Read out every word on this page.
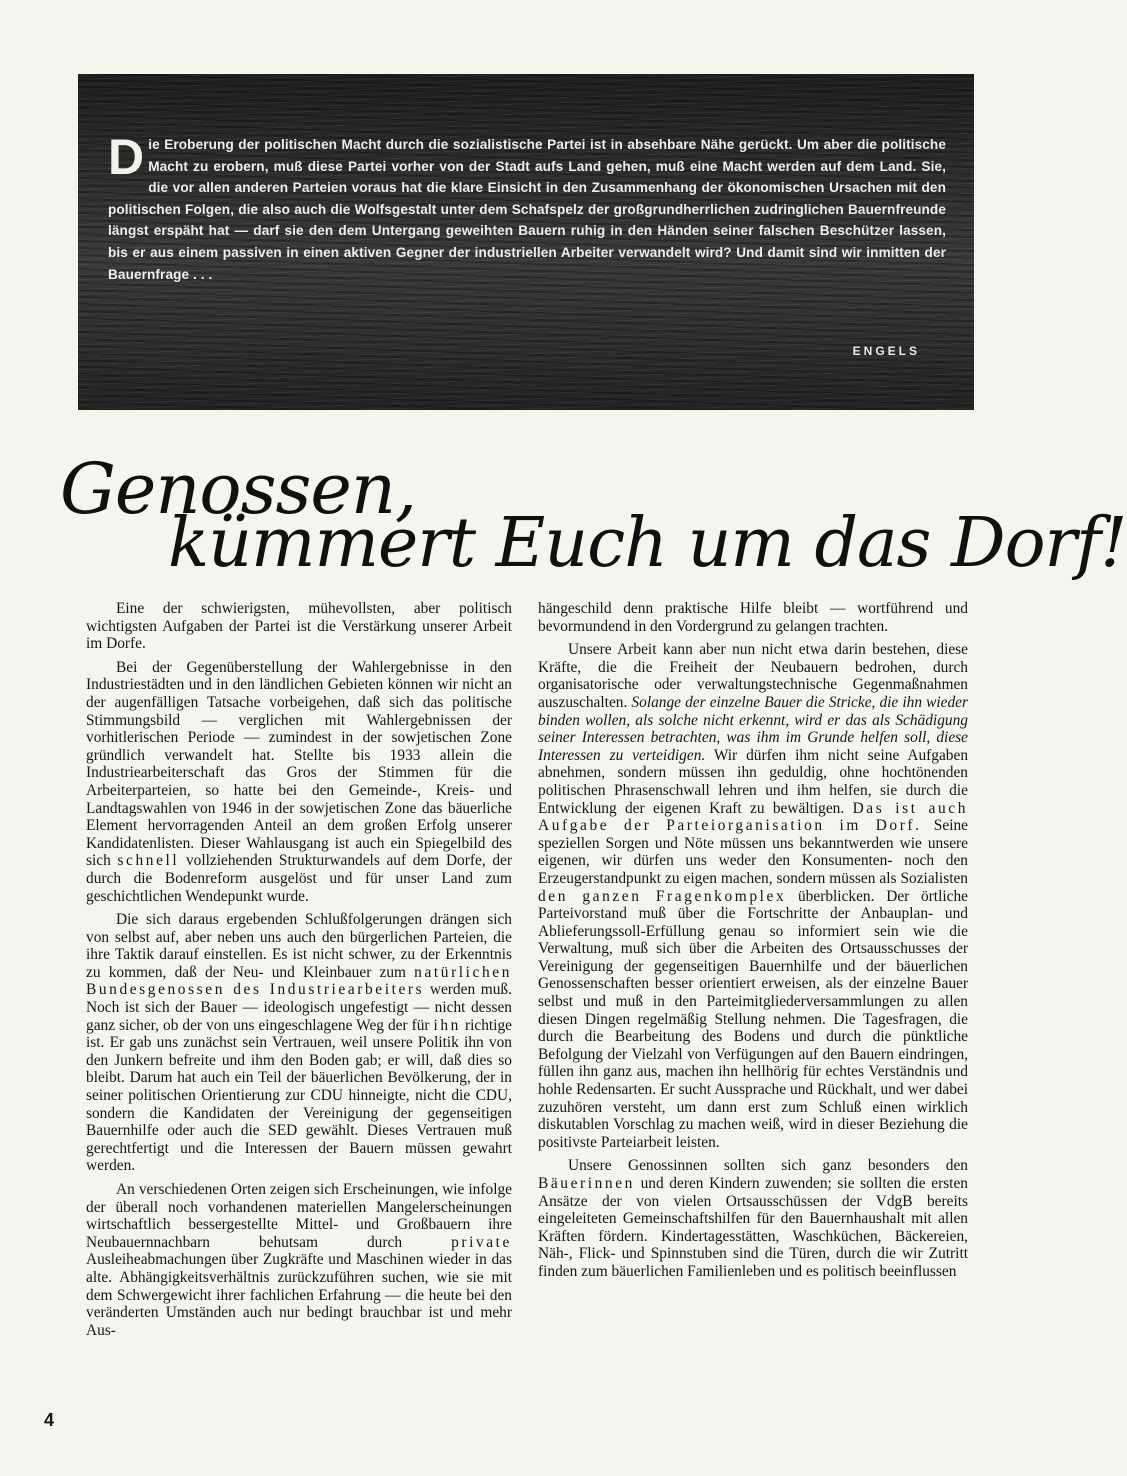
Die Eroberung der politischen Macht durch die sozialistische Partei ist in absehbare Nähe gerückt. Um aber die politische Macht zu erobern, muß diese Partei vorher von der Stadt aufs Land gehen, muß eine Macht werden auf dem Land. Sie, die vor allen anderen Parteien voraus hat die klare Einsicht in den Zusammenhang der ökonomischen Ursachen mit den politischen Folgen, die also auch die Wolfsgestalt unter dem Schafspelz der großgrundherrlichen zudringlichen Bauernfreunde längst erspäht hat — darf sie den dem Untergang geweihten Bauern ruhig in den Händen seiner falschen Beschützer lassen, bis er aus einem passiven in einen aktiven Gegner der industriellen Arbeiter verwandelt wird? Und damit sind wir inmitten der Bauernfrage . . .
ENGELS
Genossen,
kümmert Euch um das Dorf!

Eine der schwierigsten, mühevollsten, aber politisch wichtigsten Aufgaben der Partei ist die Verstärkung unserer Arbeit im Dorfe.

Bei der Gegenüberstellung der Wahlergebnisse in den Industriestädten und in den ländlichen Gebieten können wir nicht an der augenfälligen Tatsache vorbeigehen, daß sich das politische Stimmungsbild — verglichen mit Wahlergebnissen der vorhitlerischen Periode — zumindest in der sowjetischen Zone gründlich verwandelt hat. Stellte bis 1933 allein die Industriearbeiterschaft das Gros der Stimmen für die Arbeiterparteien, so hatte bei den Gemeinde-, Kreis- und Landtagswahlen von 1946 in der sowjetischen Zone das bäuerliche Element hervorragenden Anteil an dem großen Erfolg unserer Kandidatenlisten. Dieser Wahlausgang ist auch ein Spiegelbild des sich schnell vollziehenden Strukturwandels auf dem Dorfe, der durch die Bodenreform ausgelöst und für unser Land zum geschichtlichen Wendepunkt wurde.

Die sich daraus ergebenden Schlußfolgerungen drängen sich von selbst auf, aber neben uns auch den bürgerlichen Parteien, die ihre Taktik darauf einstellen. Es ist nicht schwer, zu der Erkenntnis zu kommen, daß der Neu- und Kleinbauer zum natürlichen Bundesgenossen des Industriearbeiters werden muß. Noch ist sich der Bauer — ideologisch ungefestigt — nicht dessen ganz sicher, ob der von uns eingeschlagene Weg der für ihn richtige ist. Er gab uns zunächst sein Vertrauen, weil unsere Politik ihn von den Junkern befreite und ihm den Boden gab; er will, daß dies so bleibt. Darum hat auch ein Teil der bäuerlichen Bevölkerung, der in seiner politischen Orientierung zur CDU hinneigte, nicht die CDU, sondern die Kandidaten der Vereinigung der gegenseitigen Bauernhilfe oder auch die SED gewählt. Dieses Vertrauen muß gerechtfertigt und die Interessen der Bauern müssen gewahrt werden.

An verschiedenen Orten zeigen sich Erscheinungen, wie infolge der überall noch vorhandenen materiellen Mangelerscheinungen wirtschaftlich bessergestellte Mittel- und Großbauern ihre Neubauernnachbarn behutsam durch	private Ausleiheabmachungen über Zugkräfte und Maschinen wieder in das alte. Abhängigkeitsverhältnis zurückzuführen suchen, wie sie mit dem Schwergewicht ihrer fachlichen Erfahrung — die heute bei den veränderten Umständen auch nur bedingt brauchbar ist und mehr Aus-

hängeschild denn praktische Hilfe bleibt — wortführend und bevormundend in den Vordergrund zu gelangen trachten.

Unsere Arbeit kann aber nun nicht etwa darin bestehen, diese Kräfte, die die Freiheit der Neubauern bedrohen, durch organisatorische oder verwaltungstechnische Gegenmaßnahmen auszuschalten. Solange der einzelne Bauer die Stricke, die ihn wieder binden wollen, als solche nicht erkennt, wird er das als Schädigung seiner Interessen betrachten, was ihm im Grunde helfen soll, diese Interessen zu verteidigen. Wir dürfen ihm nicht seine Aufgaben abnehmen, sondern müssen ihn geduldig, ohne hochtönenden politischen Phrasenschwall lehren und ihm helfen, sie durch die Entwicklung der eigenen Kraft zu bewältigen. Das ist auch Aufgabe der Parteiorganisation im Dorf. Seine speziellen Sorgen und Nöte müssen uns bekanntwerden wie unsere eigenen, wir dürfen uns weder den Konsumenten- noch den Erzeugerstandpunkt zu eigen machen, sondern müssen als Sozialisten den ganzen Fragenkomplex überblicken. Der örtliche Parteivorstand muß über die Fortschritte der Anbauplan- und Ablieferungssoll-Erfüllung genau so informiert sein wie die Verwaltung, muß sich über die Arbeiten des Ortsausschusses der Vereinigung der gegenseitigen Bauernhilfe und der bäuerlichen Genossenschaften besser orientiert erweisen, als der einzelne Bauer selbst und muß in den Parteimitgliederversammlungen zu allen diesen Dingen regelmäßig Stellung nehmen. Die Tagesfragen, die durch die Bearbeitung des Bodens und durch die pünktliche Befolgung der Vielzahl von Verfügungen auf den Bauern eindringen, füllen ihn ganz aus, machen ihn hellhörig für echtes Verständnis und hohle Redensarten. Er sucht Aussprache und Rückhalt, und wer dabei zuzuhören versteht, um dann erst zum Schluß einen wirklich diskutablen Vorschlag zu machen weiß, wird in dieser Beziehung die positivste Parteiarbeit leisten.

Unsere Genossinnen sollten sich ganz besonders den Bäuerinnen und deren Kindern zuwenden; sie sollten die ersten Ansätze der von vielen Ortsausschüssen der VdgB bereits eingeleiteten Gemeinschaftshilfen für den Bauernhaushalt mit allen Kräften fördern. Kindertagesstätten, Waschküchen, Bäckereien, Näh-, Flick- und Spinnstuben sind die Türen, durch die wir Zutritt finden zum bäuerlichen Familienleben und es politisch beeinflussen

4
